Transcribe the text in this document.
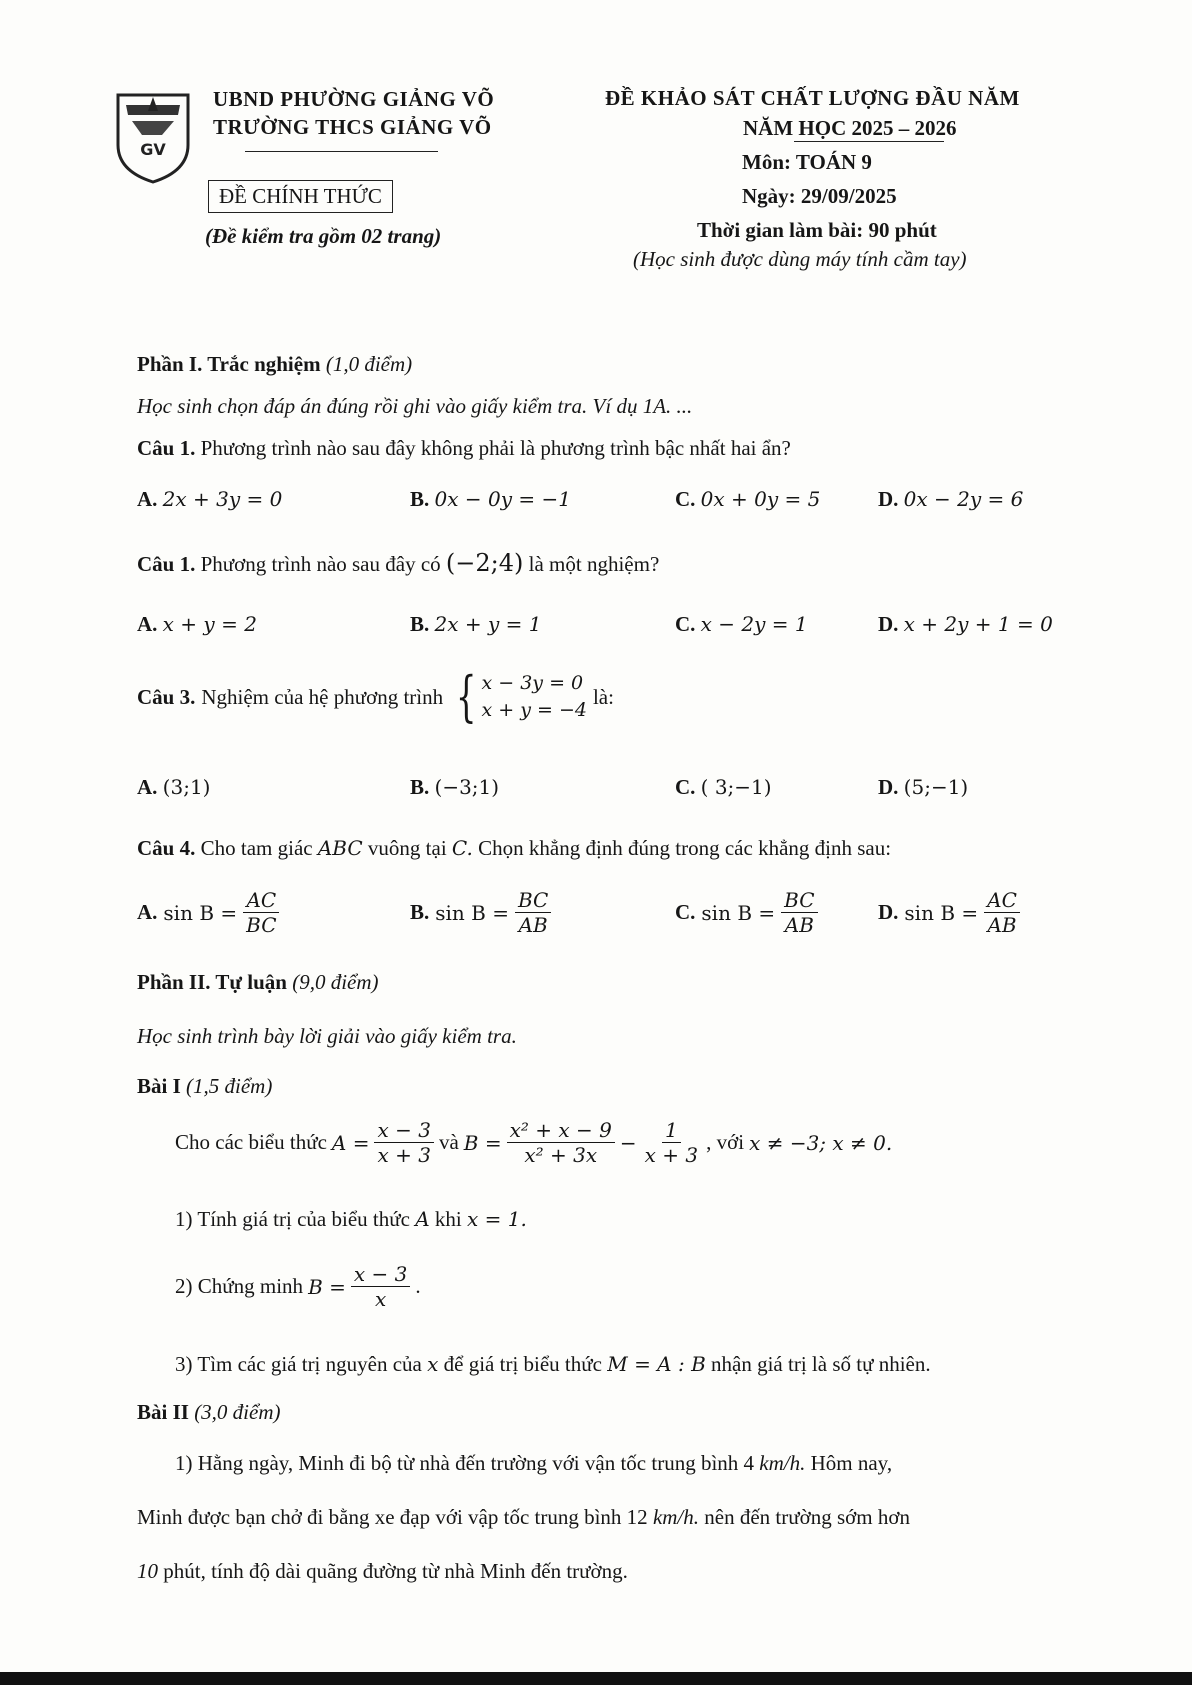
GV
UBND PHƯỜNG GIẢNG VÕ
TRƯỜNG THCS GIẢNG VÕ
ĐỀ CHÍNH THỨC
(Đề kiểm tra gồm 02 trang)
ĐỀ KHẢO SÁT CHẤT LƯỢNG ĐẦU NĂM
NĂM HỌC 2025 – 2026
Môn: TOÁN 9
Ngày: 29/09/2025
Thời gian làm bài: 90 phút
(Học sinh được dùng máy tính cầm tay)
Phần I. Trắc nghiệm (1,0 điểm)
Học sinh chọn đáp án đúng rồi ghi vào giấy kiểm tra. Ví dụ 1A. ...
Câu 1. Phương trình nào sau đây không phải là phương trình bậc nhất hai ẩn?
A. 2x + 3y = 0	B. 0x − 0y = −1	C. 0x + 0y = 5	D. 0x − 2y = 6
Câu 1. Phương trình nào sau đây có (−2;4) là một nghiệm?
A. x + y = 2	B. 2x + y = 1	C. x − 2y = 1	D. x + 2y + 1 = 0
Câu 3. Nghiệm của hệ phương trình { x − 3y = 0
x + y = −4
là:
A. (3;1)	B. (−3;1)	C. ( 3;−1)	D. (5;−1)
Câu 4. Cho tam giác ABC vuông tại C. Chọn khẳng định đúng trong các khẳng định sau:
A. $\sin B = \frac{AC}{BC}$	B. $\sin B = \frac{BC}{AB}$	C. $\sin B = \frac{BC}{AB}$	D. $\sin B = \frac{AC}{AB}$
Phần II. Tự luận (9,0 điểm)
Học sinh trình bày lời giải vào giấy kiểm tra.
Bài I (1,5 điểm)
Cho các biểu thức $A = \frac{x - 3}{x + 3}$ và $B = \frac{\text{x² + x − 9}}{\text{x² + 3x}} - \frac{1}{x + 3}$ , với x ≠ −3; x ≠ 0.
1) Tính giá trị của biểu thức A khi x = 1.
2) Chứng minh $B = \frac{x - 3}{x}$ .
3) Tìm các giá trị nguyên của x để giá trị biểu thức M = A : B nhận giá trị là số tự nhiên.
Bài II (3,0 điểm)
1) Hằng ngày, Minh đi bộ từ nhà đến trường với vận tốc trung bình 4 km/h. Hôm nay,
Minh được bạn chở đi bằng xe đạp với vập tốc trung bình 12 km/h. nên đến trường sớm hơn
10 phút, tính độ dài quãng đường từ nhà Minh đến trường.
